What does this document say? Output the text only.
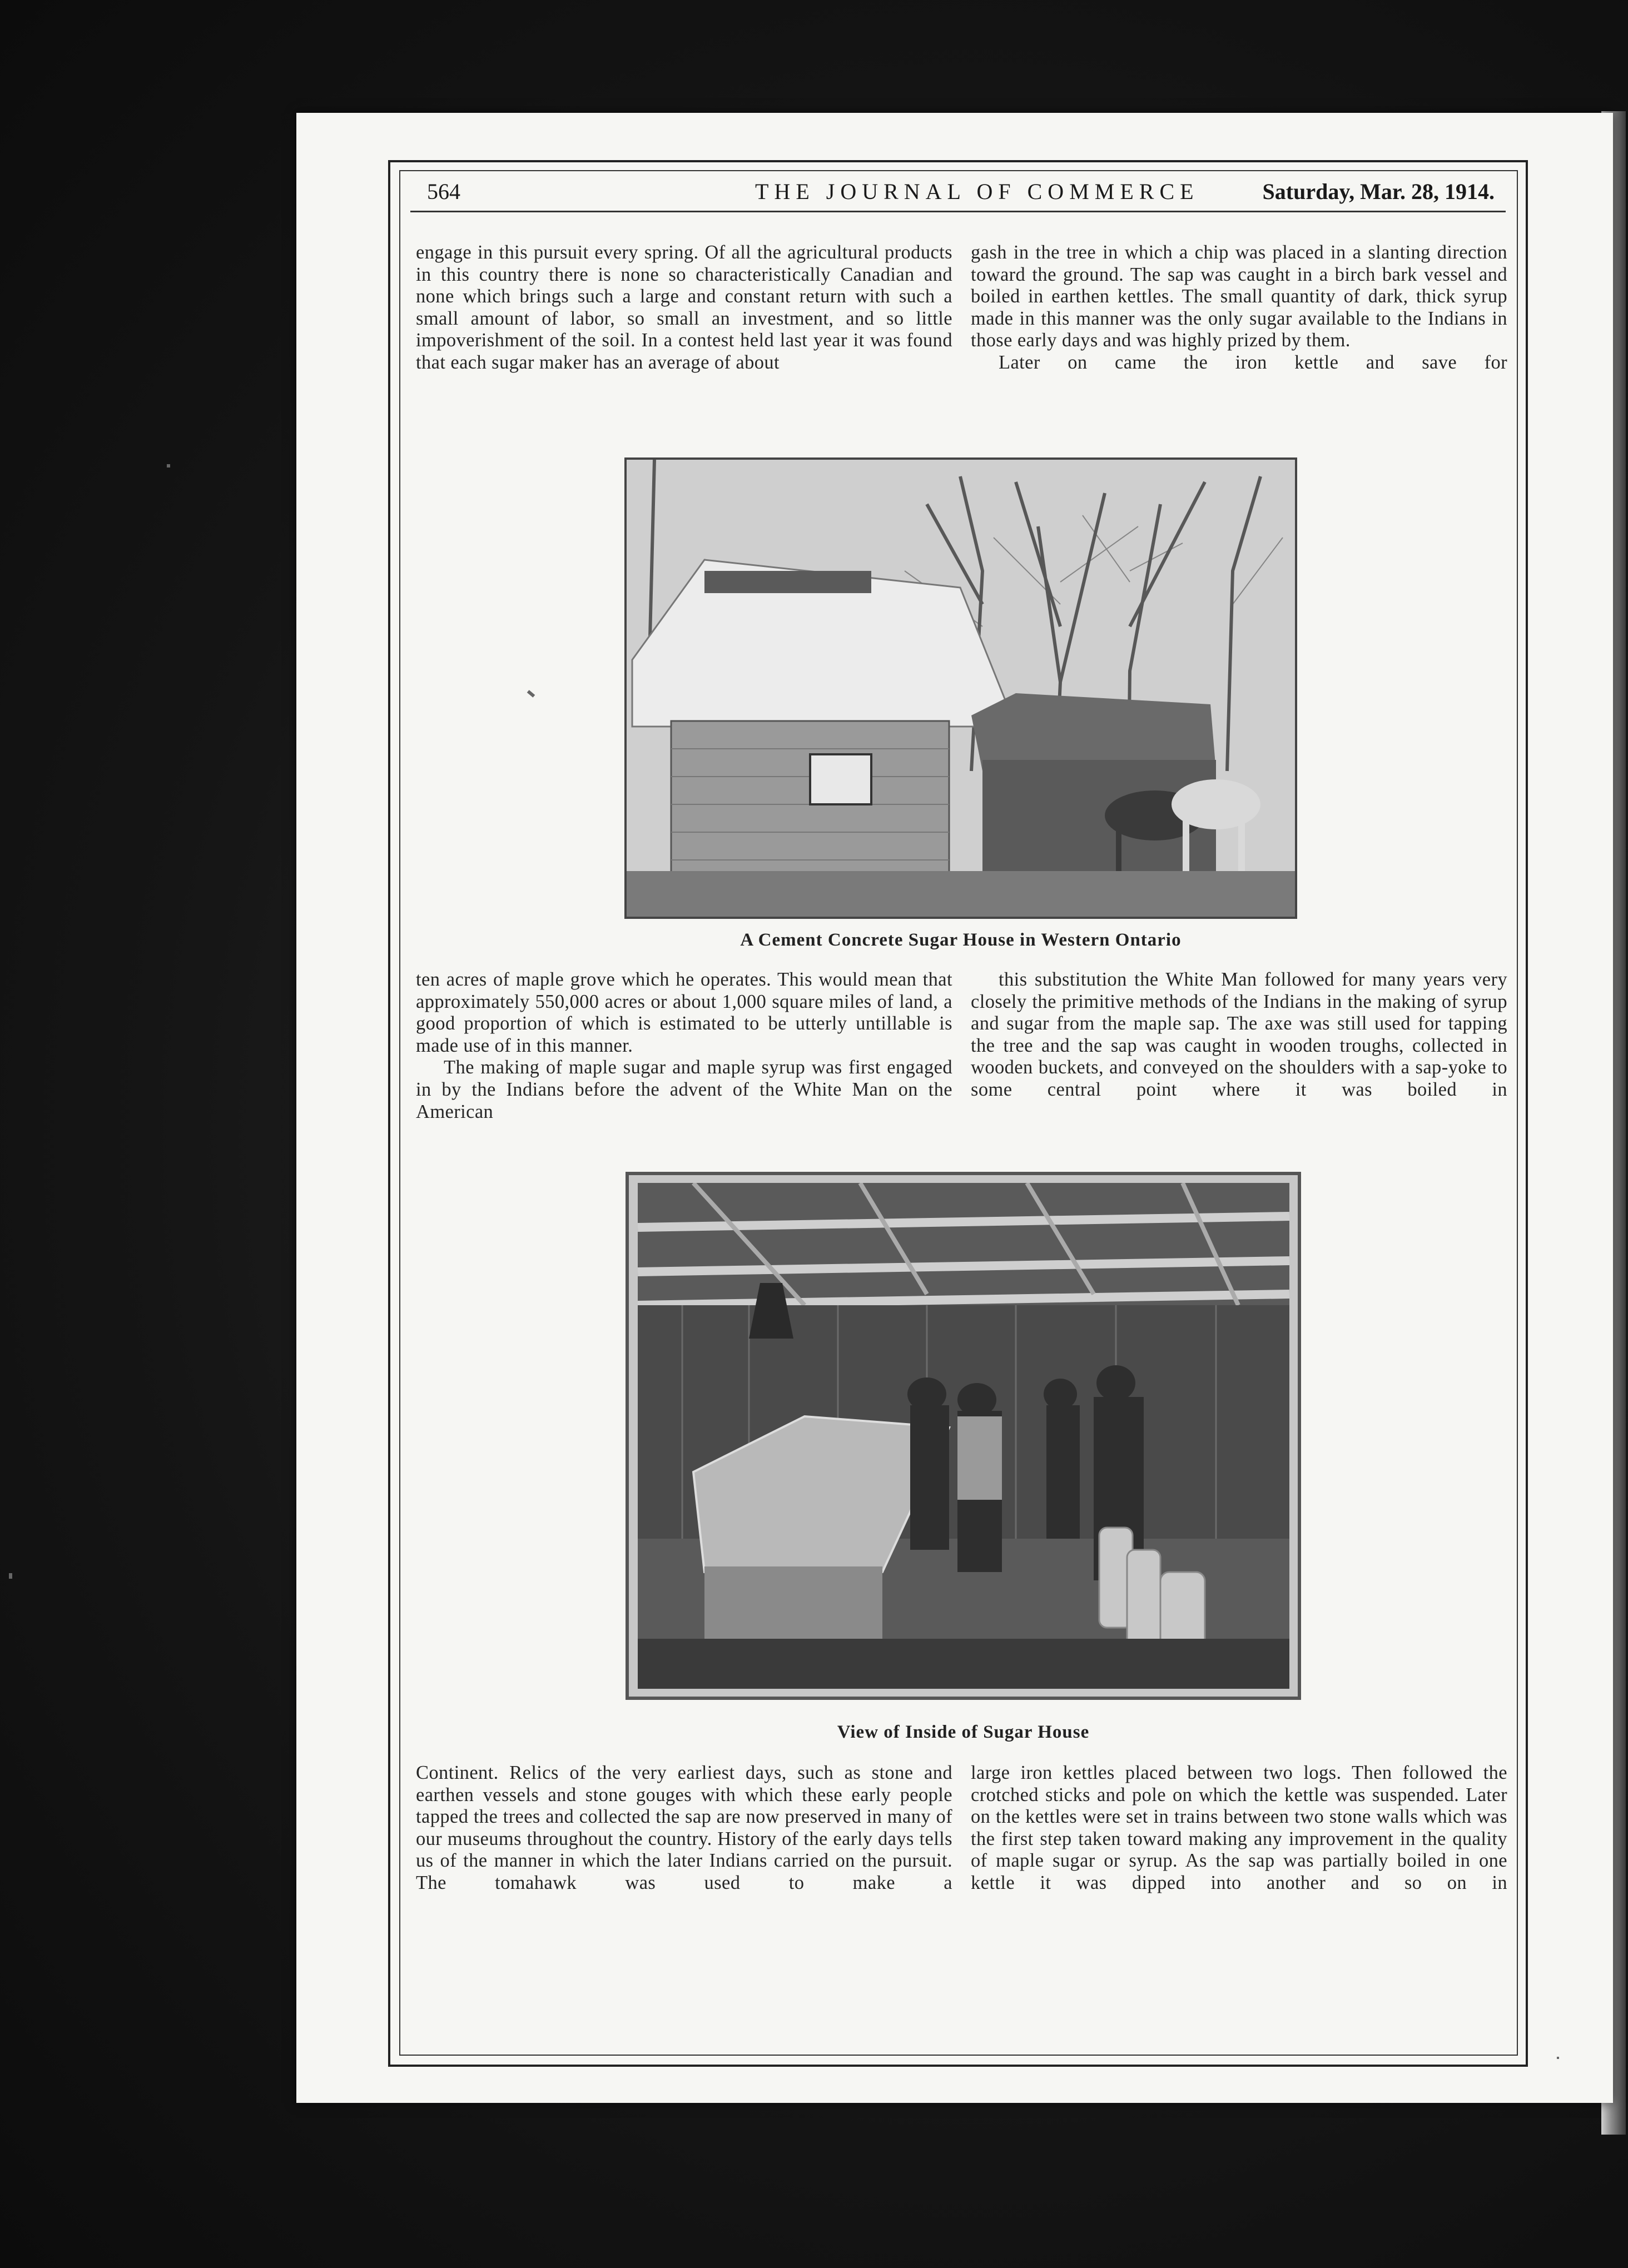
564	THE JOURNAL OF COMMERCE	Saturday, Mar. 28, 1914.

engage in this pursuit every spring. Of all the agricultural products in this country there is none so characteristically Canadian and none which brings such a large and constant return with such a small amount of labor, so small an investment, and so little impoverishment of the soil. In a contest held last year it was found that each sugar maker has an average of about

gash in the tree in which a chip was placed in a slanting direction toward the ground. The sap was caught in a birch bark vessel and boiled in earthen kettles. The small quantity of dark, thick syrup made in this manner was the only sugar available to the Indians in those early days and was highly prized by them.

Later on came the iron kettle and save for

A Cement Concrete Sugar House in Western Ontario

ten acres of maple grove which he operates. This would mean that approximately 550,000 acres or about 1,000 square miles of land, a good proportion of which is estimated to be utterly untillable is made use of in this manner.

The making of maple sugar and maple syrup was first engaged in by the Indians before the advent of the White Man on the American

this substitution the White Man followed for many years very closely the primitive methods of the Indians in the making of syrup and sugar from the maple sap. The axe was still used for tapping the tree and the sap was caught in wooden troughs, collected in wooden buckets, and conveyed on the shoulders with a sap-yoke to some central point where it was boiled in

View of Inside of Sugar House

Continent. Relics of the very earliest days, such as stone and earthen vessels and stone gouges with which these early people tapped the trees and collected the sap are now preserved in many of our museums throughout the country. History of the early days tells us of the manner in which the later Indians carried on the pursuit. The tomahawk was used to make a

large iron kettles placed between two logs. Then followed the crotched sticks and pole on which the kettle was suspended. Later on the kettles were set in trains between two stone walls which was the first step taken toward making any improvement in the quality of maple sugar or syrup. As the sap was partially boiled in one kettle it was dipped into another and so on in
